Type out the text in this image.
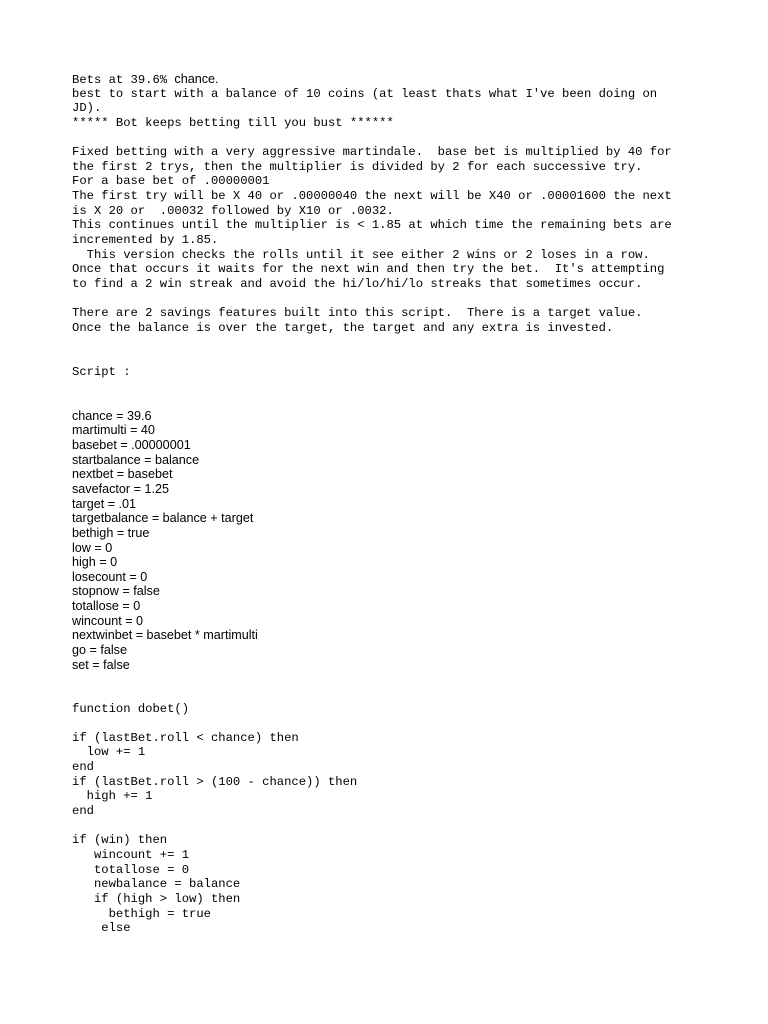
Bets at 39.6% chance.
best to start with a balance of 10 coins (at least thats what I've been doing on
JD).
***** Bot keeps betting till you bust ******
Fixed betting with a very aggressive martindale.  base bet is multiplied by 40 for
the first 2 trys, then the multiplier is divided by 2 for each successive try.
For a base bet of .00000001
The first try will be X 40 or .00000040 the next will be X40 or .00001600 the next
is X 20 or  .00032 followed by X10 or .0032.
This continues until the multiplier is < 1.85 at which time the remaining bets are
incremented by 1.85.
This version checks the rolls until it see either 2 wins or 2 loses in a row.
Once that occurs it waits for the next win and then try the bet.  It's attempting
to find a 2 win streak and avoid the hi/lo/hi/lo streaks that sometimes occur.
There are 2 savings features built into this script.  There is a target value.
Once the balance is over the target, the target and any extra is invested.
Script :
chance = 39.6
martimulti = 40
basebet = .00000001
startbalance = balance
nextbet = basebet
savefactor = 1.25
target = .01
targetbalance = balance + target
bethigh = true
low = 0
high = 0
losecount = 0
stopnow = false
totallose = 0
wincount = 0
nextwinbet = basebet * martimulti
go = false
set = false
function dobet()
if (lastBet.roll < chance) then
low += 1
end
if (lastBet.roll > (100 - chance)) then
high += 1
end
if (win) then
wincount += 1
totallose = 0
newbalance = balance
if (high > low) then
bethigh = true
else
